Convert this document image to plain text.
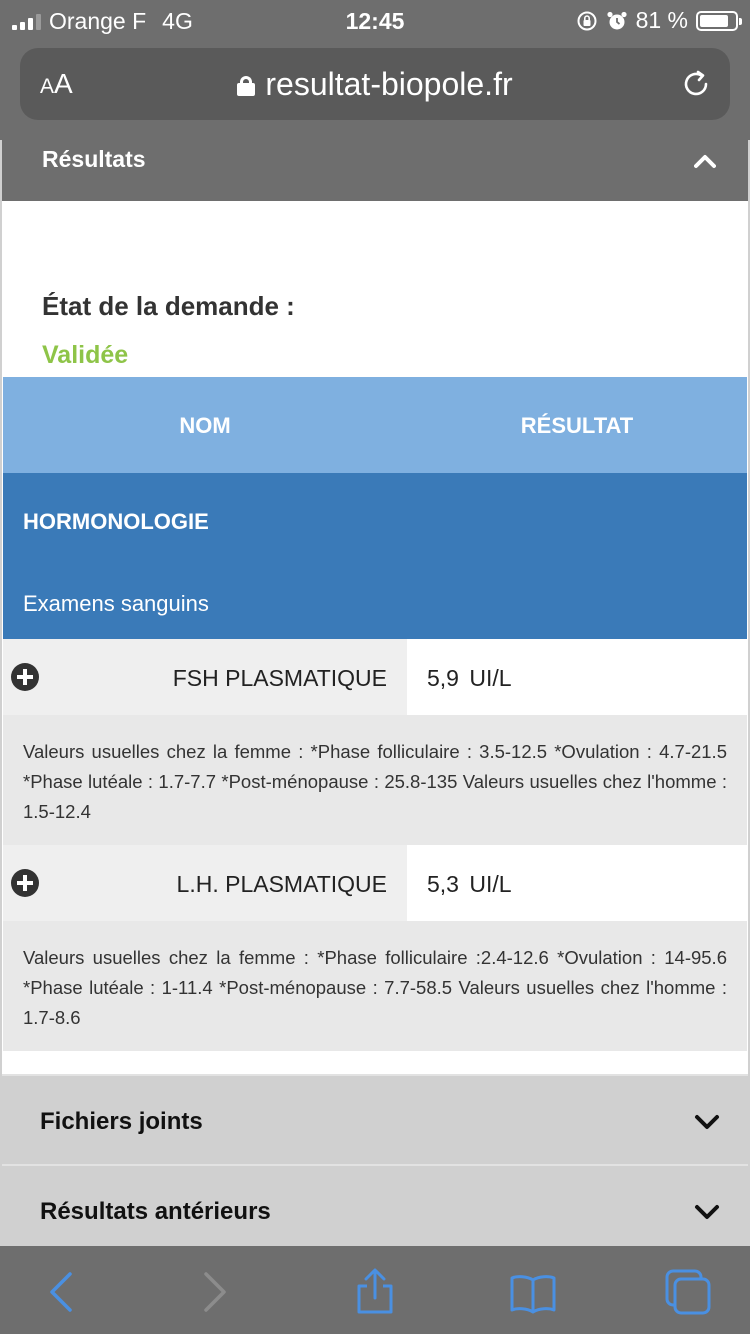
Orange F 4G	12:45	81 %
AA	resultat-biopole.fr
Résultats
État de la demande :
Validée
NOM	RÉSULTAT
HORMONOLOGIE
Examens sanguins
FSH PLASMATIQUE 5,9 UI/L
Valeurs usuelles chez la femme : *Phase folliculaire : 3.5-12.5 *Ovulation : 4.7-21.5 *Phase lutéale : 1.7-7.7 *Post-ménopause : 25.8-135 Valeurs usuelles chez l'homme : 1.5-12.4
L.H. PLASMATIQUE 5,3 UI/L
Valeurs usuelles chez la femme : *Phase folliculaire :2.4-12.6 *Ovulation : 14-95.6 *Phase lutéale : 1-11.4 *Post-ménopause : 7.7-58.5 Valeurs usuelles chez l'homme : 1.7-8.6
Fichiers joints
Résultats antérieurs
